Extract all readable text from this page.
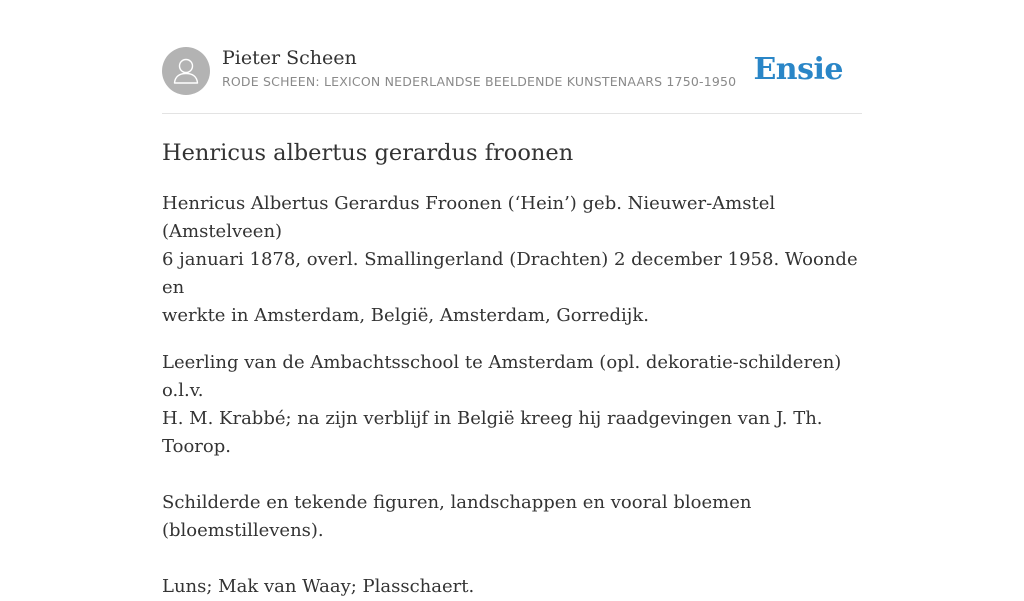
Pieter Scheen
RODE SCHEEN: LEXICON NEDERLANDSE BEELDENDE KUNSTENAARS 1750-1950 Ensie
Henricus albertus gerardus froonen

Henricus Albertus Gerardus Froonen (‘Hein’) geb. Nieuwer-Amstel (Amstelveen)
6 januari 1878, overl. Smallingerland (Drachten) 2 december 1958. Woonde en
werkte in Amsterdam, België, Amsterdam, Gorredijk.

Leerling van de Ambachtsschool te Amsterdam (opl. dekoratie-schilderen) o.l.v.
H. M. Krabbé; na zijn verblijf in België kreeg hij raadgevingen van J. Th. Toorop.

Schilderde en tekende figuren, landschappen en vooral bloemen
(bloemstillevens).

Luns; Mak van Waay; Plasschaert.
